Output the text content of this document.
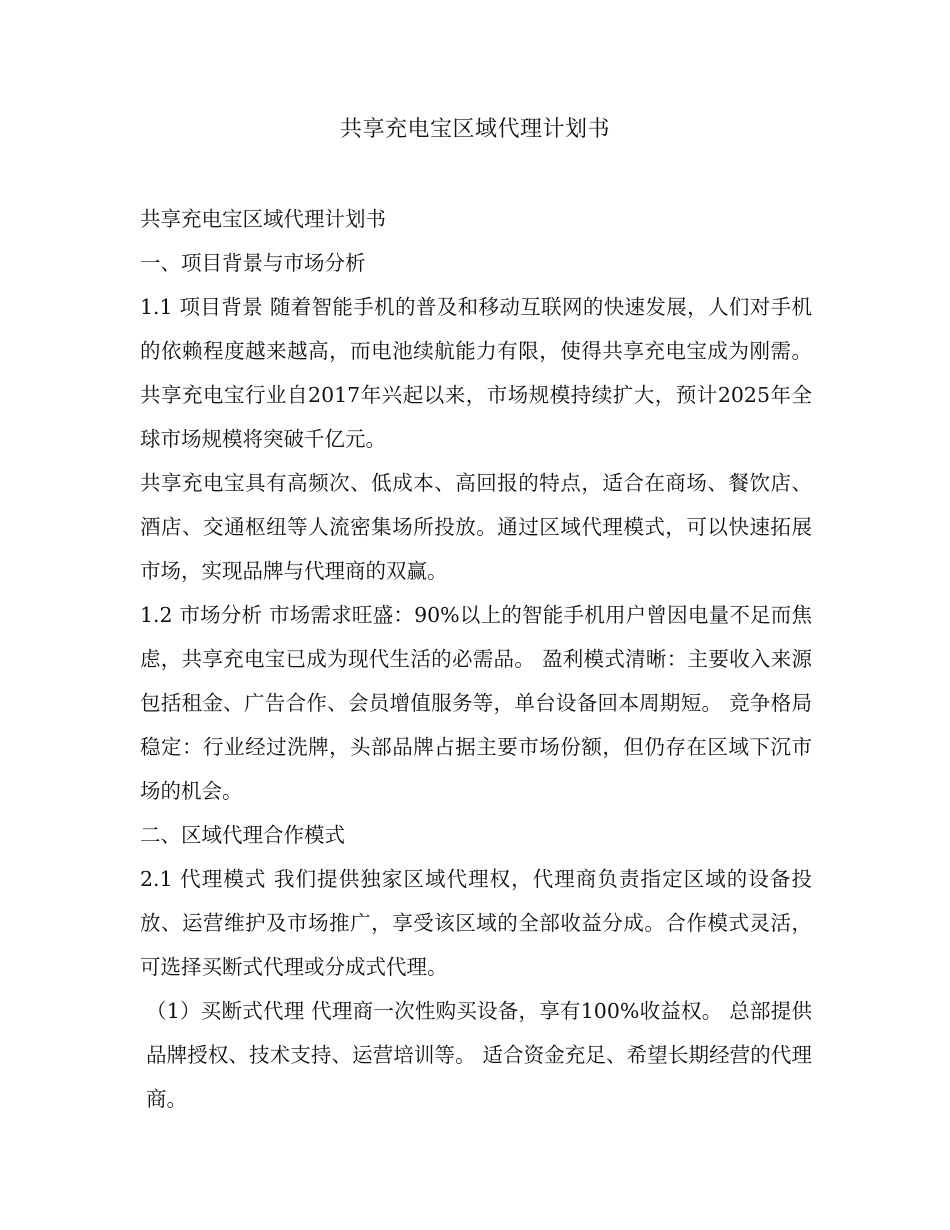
共享充电宝区域代理计划书

共享充电宝区域代理计划书

一、项目背景与市场分析

1.1 项目背景 随着智能手机的普及和移动互联网的快速发展，人们对手机的依赖程度越来越高，而电池续航能力有限，使得共享充电宝成为刚需。共享充电宝行业自2017年兴起以来，市场规模持续扩大，预计2025年全球市场规模将突破千亿元。

共享充电宝具有高频次、低成本、高回报的特点，适合在商场、餐饮店、酒店、交通枢纽等人流密集场所投放。通过区域代理模式，可以快速拓展市场，实现品牌与代理商的双赢。

1.2 市场分析 市场需求旺盛：90%以上的智能手机用户曾因电量不足而焦虑，共享充电宝已成为现代生活的必需品。 盈利模式清晰：主要收入来源包括租金、广告合作、会员增值服务等，单台设备回本周期短。 竞争格局稳定：行业经过洗牌，头部品牌占据主要市场份额，但仍存在区域下沉市场的机会。

二、区域代理合作模式

2.1 代理模式 我们提供独家区域代理权，代理商负责指定区域的设备投放、运营维护及市场推广，享受该区域的全部收益分成。合作模式灵活，可选择买断式代理或分成式代理。

（1）买断式代理 代理商一次性购买设备，享有100%收益权。 总部提供品牌授权、技术支持、运营培训等。 适合资金充足、希望长期经营的代理商。
